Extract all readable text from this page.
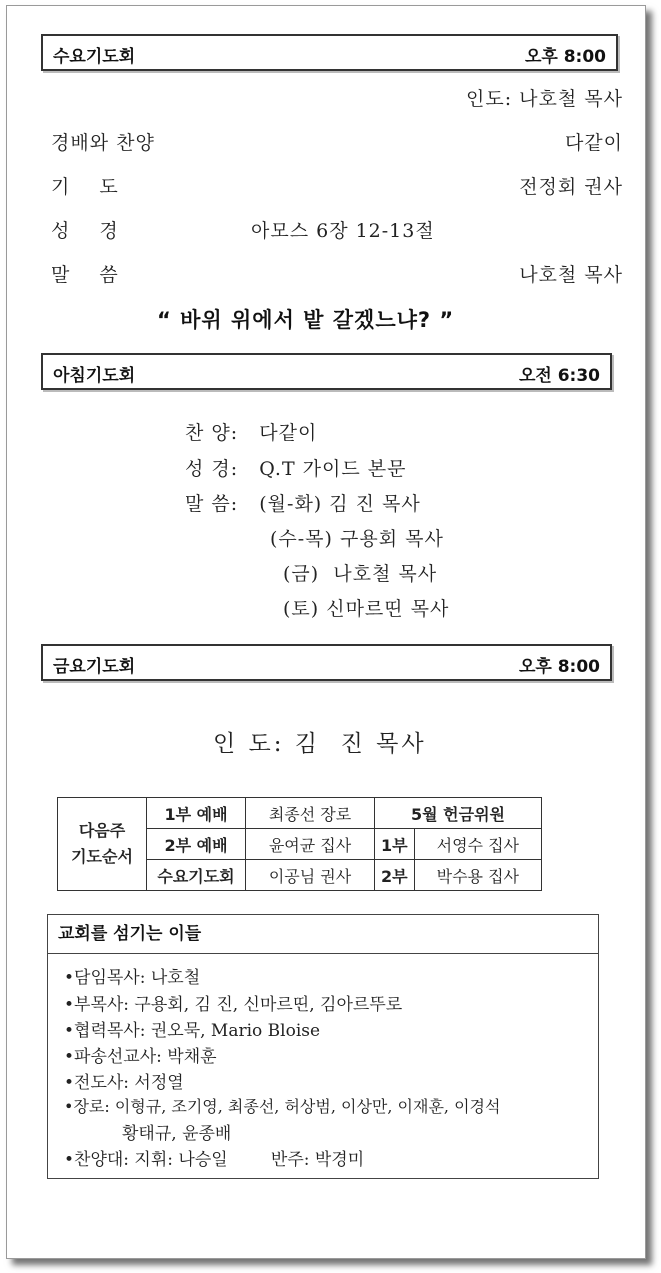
수요기도회	오후 8:00
인도: 나호철 목사
경배와 찬양	다같이
기 도	전정회 권사
성 경	아모스 6장 12-13절
말 씀	나호철 목사
“ 바위 위에서 밭 갈겠느냐? ”
아침기도회	오전 6:30
찬 양:   다같이
성 경:   Q.T 가이드 본문
말 씀:   (월-화) 김 진 목사
(수-목) 구용회 목사
(금)  나호철 목사
(토) 신마르띤 목사
금요기도회	오후 8:00
인 도: 김  진 목사
다음주
기도순서	1부 예배	최종선 장로	5월 헌금위원	
	2부 예배	윤여균 집사	1부	서영수 집사
	수요기도회	이공님 권사	2부	박수용 집사
교회를 섬기는 이들
•담임목사: 나호철
•부목사: 구용회, 김 진, 신마르띤, 김아르뚜로
•협력목사: 권오묵, Mario Bloise
•파송선교사: 박채훈
•전도사: 서정열
•장로: 이형규, 조기영, 최종선, 허상범, 이상만, 이재훈, 이경석
황태규, 윤종배
•찬양대: 지휘: 나승일        반주: 박경미
